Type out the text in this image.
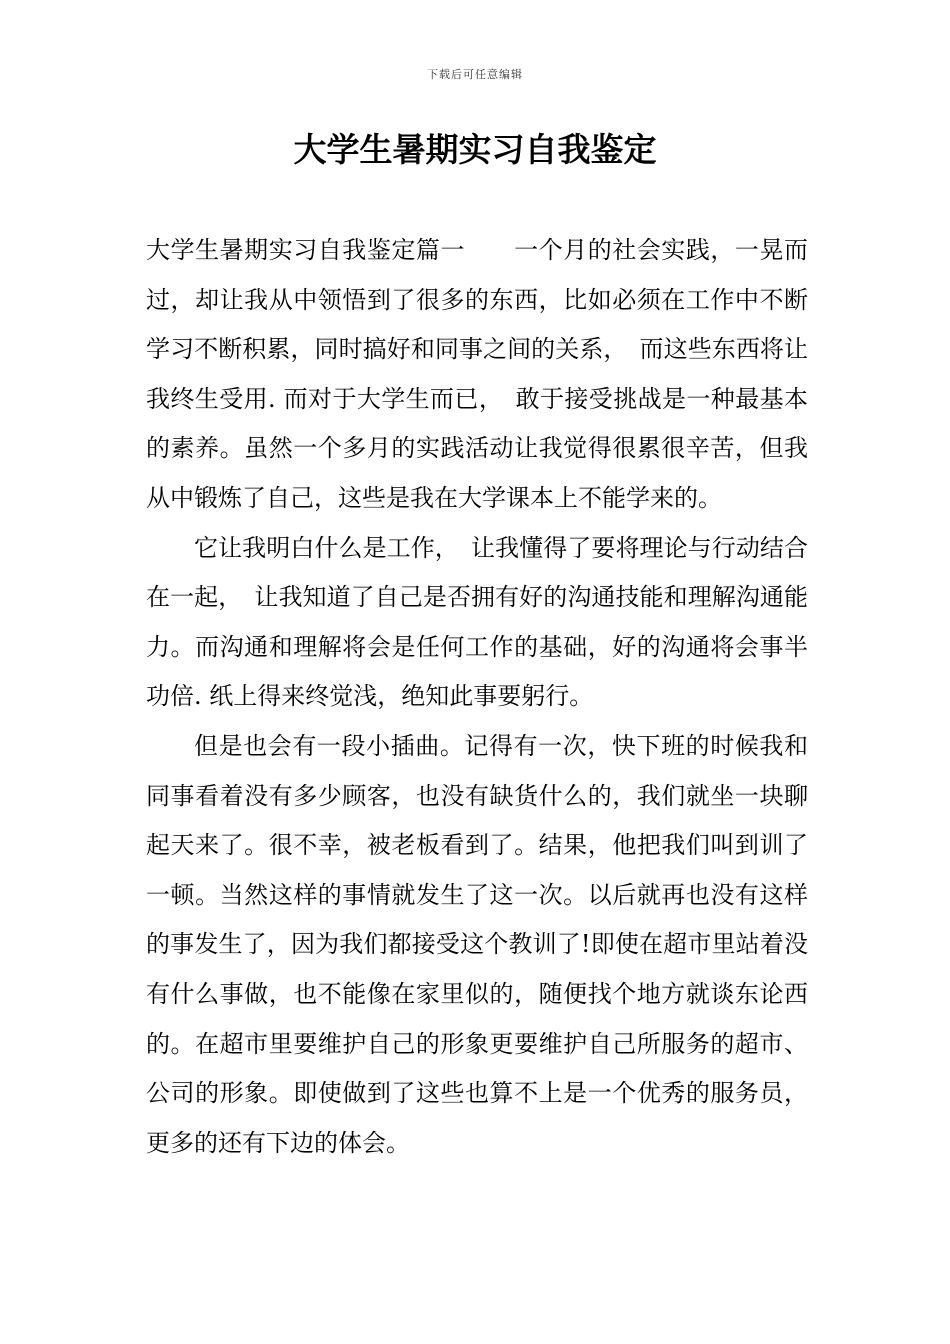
下载后可任意编辑
大学生暑期实习自我鉴定

大学生暑期实习自我鉴定篇一　　一个月的社会实践，一晃而过，却让我从中领悟到了很多的东西，比如必须在工作中不断学习不断积累，同时搞好和同事之间的关系，　而这些东西将让我终生受用. 而对于大学生而已，　敢于接受挑战是一种最基本的素养。虽然一个多月的实践活动让我觉得很累很辛苦，但我从中锻炼了自己，这些是我在大学课本上不能学来的。

它让我明白什么是工作，　让我懂得了要将理论与行动结合在一起，　让我知道了自己是否拥有好的沟通技能和理解沟通能力。而沟通和理解将会是任何工作的基础，好的沟通将会事半功倍. 纸上得来终觉浅，绝知此事要躬行。

但是也会有一段小插曲。记得有一次，快下班的时候我和同事看着没有多少顾客，也没有缺货什么的，我们就坐一块聊起天来了。很不幸，被老板看到了。结果，他把我们叫到训了一顿。当然这样的事情就发生了这一次。以后就再也没有这样的事发生了，因为我们都接受这个教训了!即使在超市里站着没有什么事做，也不能像在家里似的，随便找个地方就谈东论西的。在超市里要维护自己的形象更要维护自己所服务的超市、公司的形象。即使做到了这些也算不上是一个优秀的服务员，更多的还有下边的体会。
